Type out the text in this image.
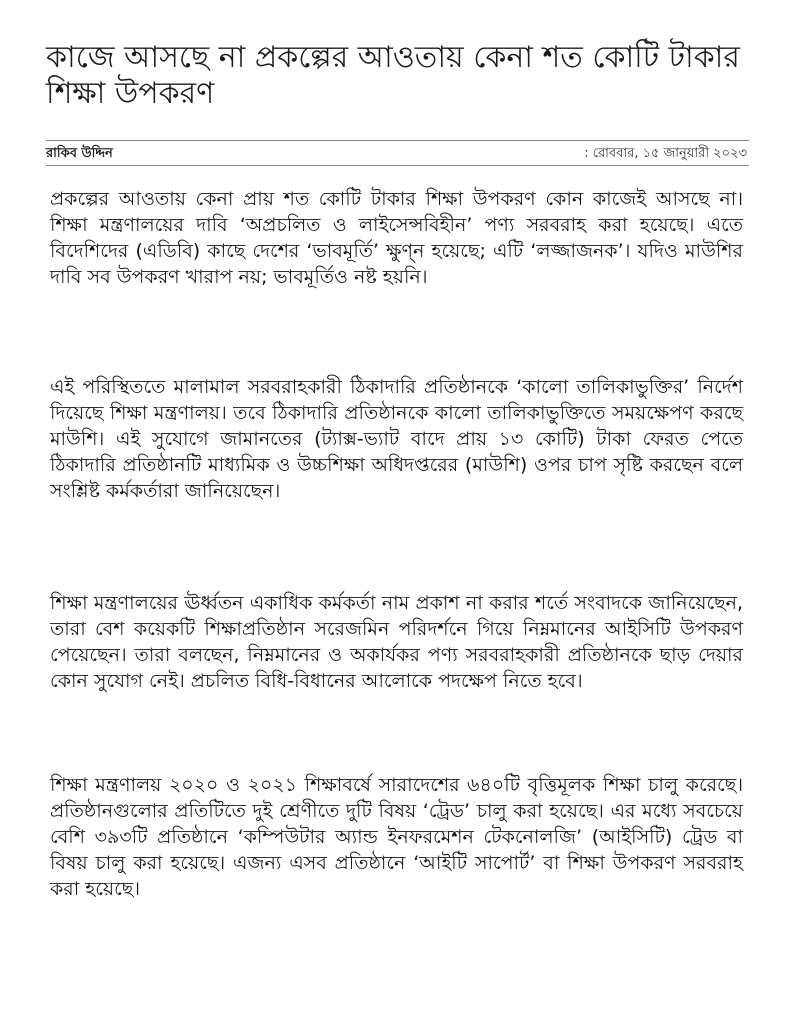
কাজে আসছে না প্রকল্পের আওতায় কেনা শত কোটি টাকার শিক্ষা উপকরণ
রাকিব উদ্দিন	: রোববার, ১৫ জানুয়ারী ২০২৩

প্রকল্পের আওতায় কেনা প্রায় শত কোটি টাকার শিক্ষা উপকরণ কোন কাজেই আসছে না। শিক্ষা মন্ত্রণালয়ের দাবি ‘অপ্রচলিত ও লাইসেন্সবিহীন’ পণ্য সরবরাহ করা হয়েছে। এতে বিদেশিদের (এডিবি) কাছে দেশের ‘ভাবমূর্তি’ ক্ষুণ্ন হয়েছে; এটি ‘লজ্জাজনক’। যদিও মাউশির দাবি সব উপকরণ খারাপ নয়; ভাবমূর্তিও নষ্ট হয়নি।

এই পরিস্থিততে মালামাল সরবরাহকারী ঠিকাদারি প্রতিষ্ঠানকে ‘কালো তালিকাভুক্তির’ নির্দেশ দিয়েছে শিক্ষা মন্ত্রণালয়। তবে ঠিকাদারি প্রতিষ্ঠানকে কালো তালিকাভুক্তিতে সময়ক্ষেপণ করছে মাউশি। এই সুযোগে জামানতের (ট্যাক্স-ভ্যাট বাদে প্রায় ১৩ কোটি) টাকা ফেরত পেতে ঠিকাদারি প্রতিষ্ঠানটি মাধ্যমিক ও উচ্চশিক্ষা অধিদপ্তরের (মাউশি) ওপর চাপ সৃষ্টি করছেন বলে সংশ্লিষ্ট কর্মকর্তারা জানিয়েছেন।

শিক্ষা মন্ত্রণালয়ের ঊর্ধ্বতন একাধিক কর্মকর্তা নাম প্রকাশ না করার শর্তে সংবাদকে জানিয়েছেন, তারা বেশ কয়েকটি শিক্ষাপ্রতিষ্ঠান সরেজমিন পরিদর্শনে গিয়ে নিম্নমানের আইসিটি উপকরণ পেয়েছেন। তারা বলছেন, নিম্নমানের ও অকার্যকর পণ্য সরবরাহকারী প্রতিষ্ঠানকে ছাড় দেয়ার কোন সুযোগ নেই। প্রচলিত বিধি-বিধানের আলোকে পদক্ষেপ নিতে হবে।

শিক্ষা মন্ত্রণালয় ২০২০ ও ২০২১ শিক্ষাবর্ষে সারাদেশের ৬৪০টি বৃত্তিমূলক শিক্ষা চালু করেছে। প্রতিষ্ঠানগুলোর প্রতিটিতে দুই শ্রেণীতে দুটি বিষয় ‘ট্রেড’ চালু করা হয়েছে। এর মধ্যে সবচেয়ে বেশি ৩৯৩টি প্রতিষ্ঠানে ‘কম্পিউটার অ্যান্ড ইনফরমেশন টেকনোলজি’ (আইসিটি) ট্রেড বা বিষয় চালু করা হয়েছে। এজন্য এসব প্রতিষ্ঠানে ‘আইটি সাপোর্ট’ বা শিক্ষা উপকরণ সরবরাহ করা হয়েছে।
